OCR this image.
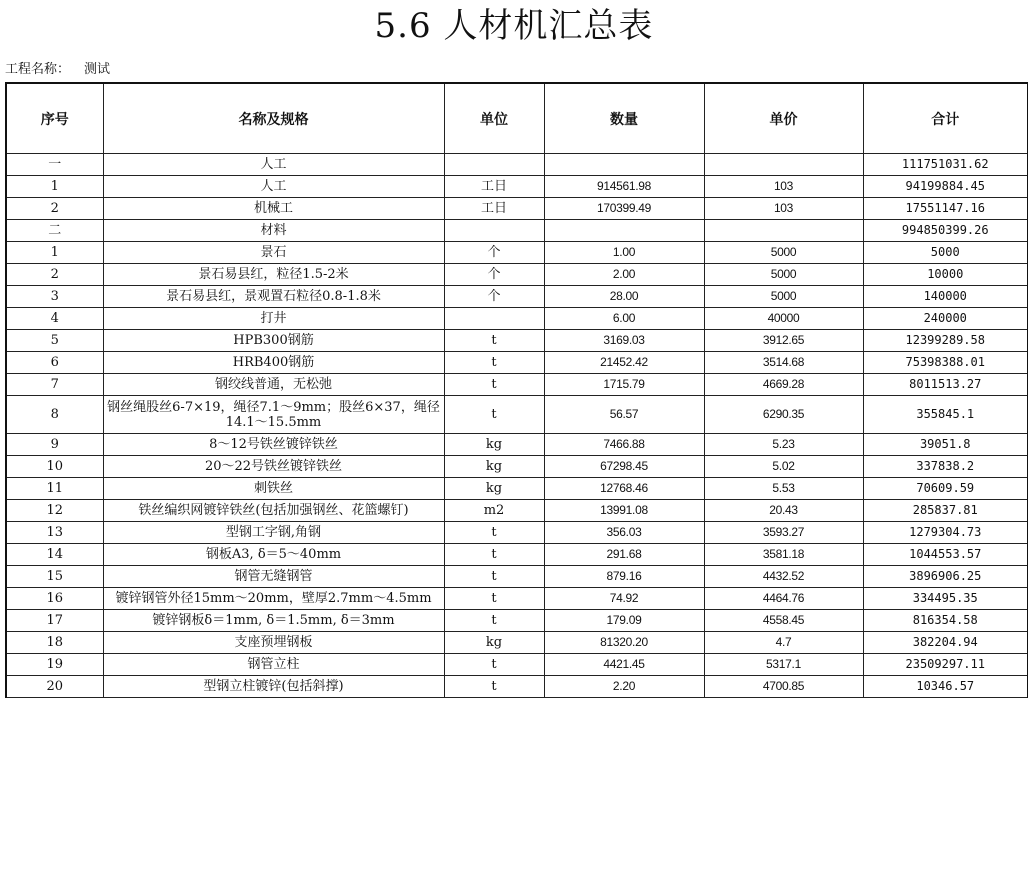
5.6 人材机汇总表
工程名称： 测试
序号	名称及规格	单位	数量	单价	合计
一	人工				111751031.62
1	人工	工日	914561.98	103	94199884.45
2	机械工	工日	170399.49	103	17551147.16
二	材料				994850399.26
1	景石	个	1.00	5000	5000
2	景石易县红，粒径1.5-2米	个	2.00	5000	10000
3	景石易县红，景观置石粒径0.8-1.8米	个	28.00	5000	140000
4	打井		6.00	40000	240000
5	HPB300钢筋	t	3169.03	3912.65	12399289.58
6	HRB400钢筋	t	21452.42	3514.68	75398388.01
7	钢绞线普通，无松弛	t	1715.79	4669.28	8011513.27
8	钢丝绳股丝6-7×19，绳径7.1～9mm；股丝6×37，绳径14.1～15.5mm	t	56.57	6290.35	355845.1
9	8～12号铁丝镀锌铁丝	kg	7466.88	5.23	39051.8
10	20～22号铁丝镀锌铁丝	kg	67298.45	5.02	337838.2
11	刺铁丝	kg	12768.46	5.53	70609.59
12	铁丝编织网镀锌铁丝(包括加强钢丝、花篮螺钉)	m2	13991.08	20.43	285837.81
13	型钢工字钢,角钢	t	356.03	3593.27	1279304.73
14	钢板A3, δ＝5～40mm	t	291.68	3581.18	1044553.57
15	钢管无缝钢管	t	879.16	4432.52	3896906.25
16	镀锌钢管外径15mm～20mm，壁厚2.7mm～4.5mm	t	74.92	4464.76	334495.35
17	镀锌钢板δ＝1mm, δ＝1.5mm, δ＝3mm	t	179.09	4558.45	816354.58
18	支座预埋钢板	kg	81320.20	4.7	382204.94
19	钢管立柱	t	4421.45	5317.1	23509297.11
20	型钢立柱镀锌(包括斜撑)	t	2.20	4700.85	10346.57
